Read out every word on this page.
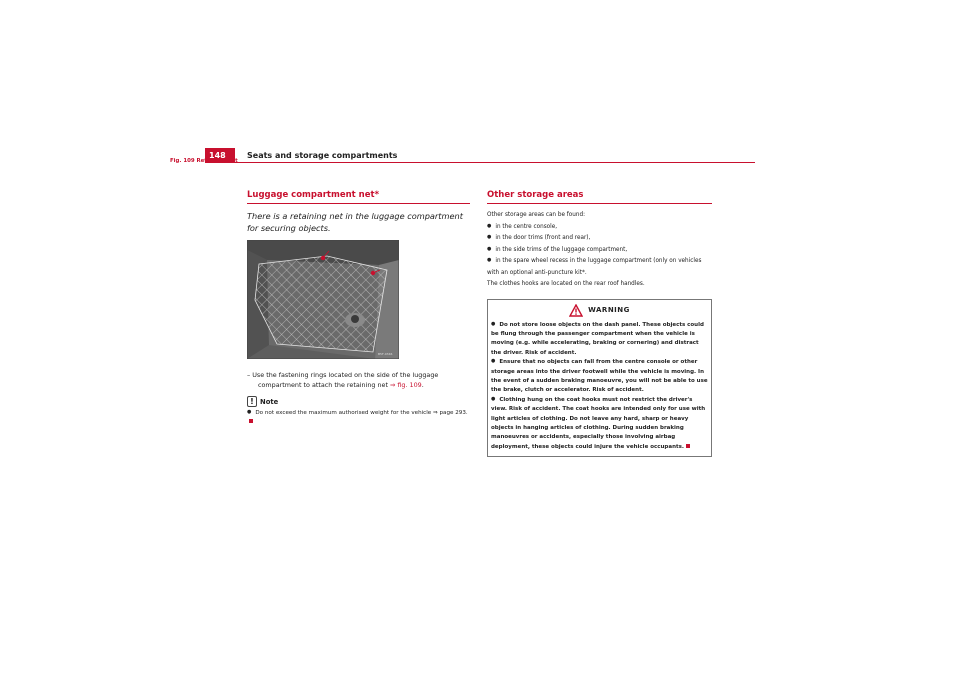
148	Seats and storage compartments
Luggage compartment net*

There is a retaining net in the luggage compartment for securing objects.

B5F-0346

– Use the fastening rings located on the side of the luggage compartment to attach the retaining net ⇒ fig. 109.

! Note

● Do not exceed the maximum authorised weight for the vehicle ⇒ page 293.

Fig. 109 Retaining net
Other storage areas

Other storage areas can be found:

● in the centre console,

● in the door trims (front and rear),

● in the side trims of the luggage compartment,

● in the spare wheel recess in the luggage compartment (only on vehicles with an optional anti-puncture kit*.

The clothes hooks are located on the rear roof handles.

WARNING

● Do not store loose objects on the dash panel. These objects could be flung through the passenger compartment when the vehicle is moving (e.g. while accelerating, braking or cornering) and distract the driver. Risk of accident.

● Ensure that no objects can fall from the centre console or other storage areas into the driver footwell while the vehicle is moving. In the event of a sudden braking manoeuvre, you will not be able to use the brake, clutch or accelerator. Risk of accident.

● Clothing hung on the coat hooks must not restrict the driver's view. Risk of accident. The coat hooks are intended only for use with light articles of clothing. Do not leave any hard, sharp or heavy objects in hanging articles of clothing. During sudden braking manoeuvres or accidents, especially those involving airbag deployment, these objects could injure the vehicle occupants.
